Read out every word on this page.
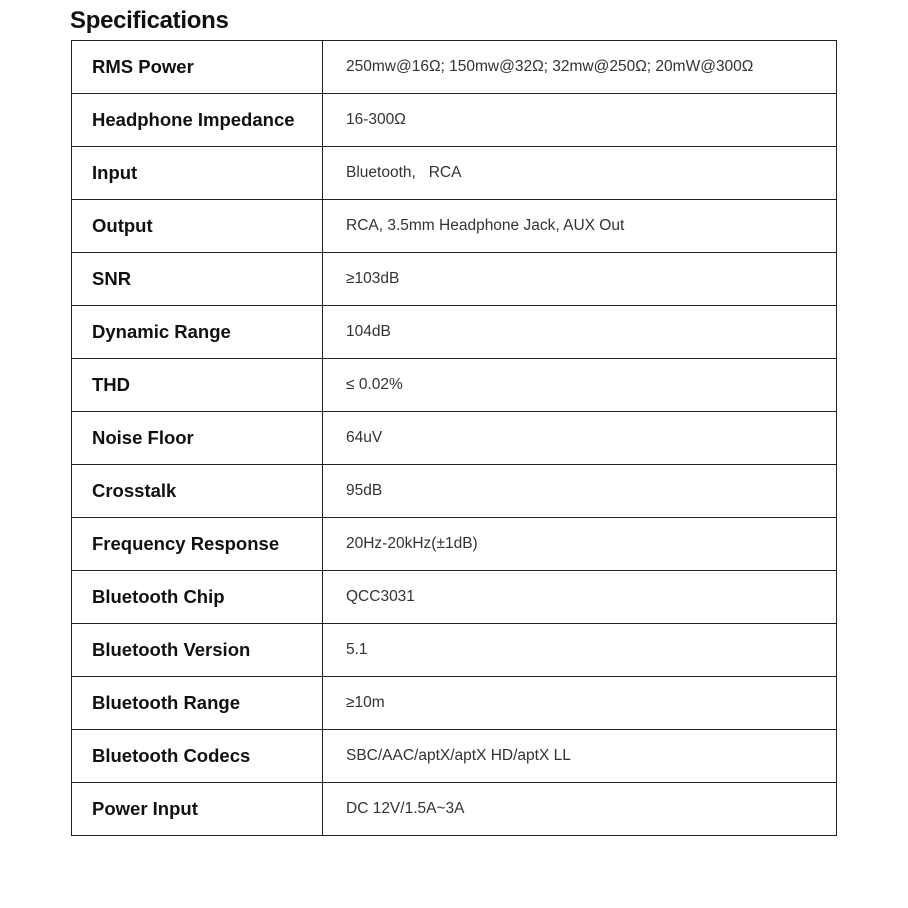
Specifications
RMS Power	250mw@16Ω; 150mw@32Ω; 32mw@250Ω; 20mW@300Ω
Headphone Impedance	16-300Ω
Input	Bluetooth,   RCA
Output	RCA, 3.5mm Headphone Jack, AUX Out
SNR	≥103dB
Dynamic Range	104dB
THD	≤ 0.02%
Noise Floor	64uV
Crosstalk	95dB
Frequency Response	20Hz-20kHz(±1dB)
Bluetooth Chip	QCC3031
Bluetooth Version	5.1
Bluetooth Range	≥10m
Bluetooth Codecs	SBC/AAC/aptX/aptX HD/aptX LL
Power Input	DC 12V/1.5A~3A
